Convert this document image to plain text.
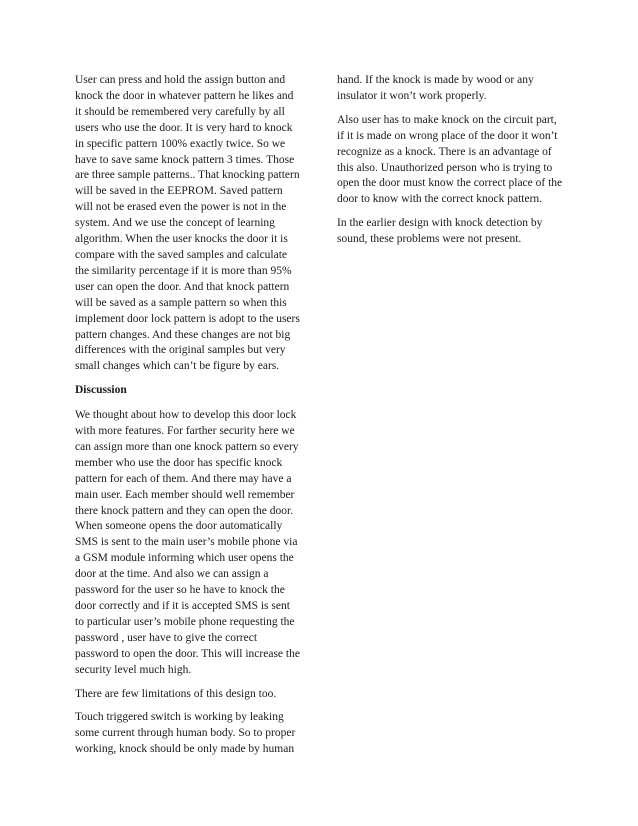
User can press and hold the assign button and
knock the door in whatever pattern he likes and
it should be remembered very carefully by all
users who use the door. It is very hard to knock
in specific pattern 100% exactly twice. So we
have to save same knock pattern 3 times. Those
are three sample patterns.. That knocking pattern
will be saved in the EEPROM. Saved pattern
will not be erased even the power is not in the
system. And we use the concept of learning
algorithm. When the user knocks the door it is
compare with the saved samples and calculate
the similarity percentage if it is more than 95%
user can open the door. And that knock pattern
will be saved as a sample pattern so when this
implement door lock pattern is adopt to the users
pattern changes. And these changes are not big
differences with the original samples but very
small changes which can’t be figure by ears.
Discussion
We thought about how to develop this door lock
with more features. For farther security here we
can assign more than one knock pattern so every
member who use the door has specific knock
pattern for each of them. And there may have a
main user. Each member should well remember
there knock pattern and they can open the door.
When someone opens the door automatically
SMS is sent to the main user’s mobile phone via
a GSM module informing which user opens the
door at the time. And also we can assign a
password for the user so he have to knock the
door correctly and if it is accepted SMS is sent
to particular user’s mobile phone requesting the
password , user have to give the correct
password to open the door. This will increase the
security level much high.
There are few limitations of this design too.
Touch triggered switch is working by leaking
some current through human body. So to proper
working, knock should be only made by human
hand. If the knock is made by wood or any
insulator it won’t work properly.
Also user has to make knock on the circuit part,
if it is made on wrong place of the door it won’t
recognize as a knock. There is an advantage of
this also. Unauthorized person who is trying to
open the door must know the correct place of the
door to know with the correct knock pattern.
In the earlier design with knock detection by
sound, these problems were not present.
